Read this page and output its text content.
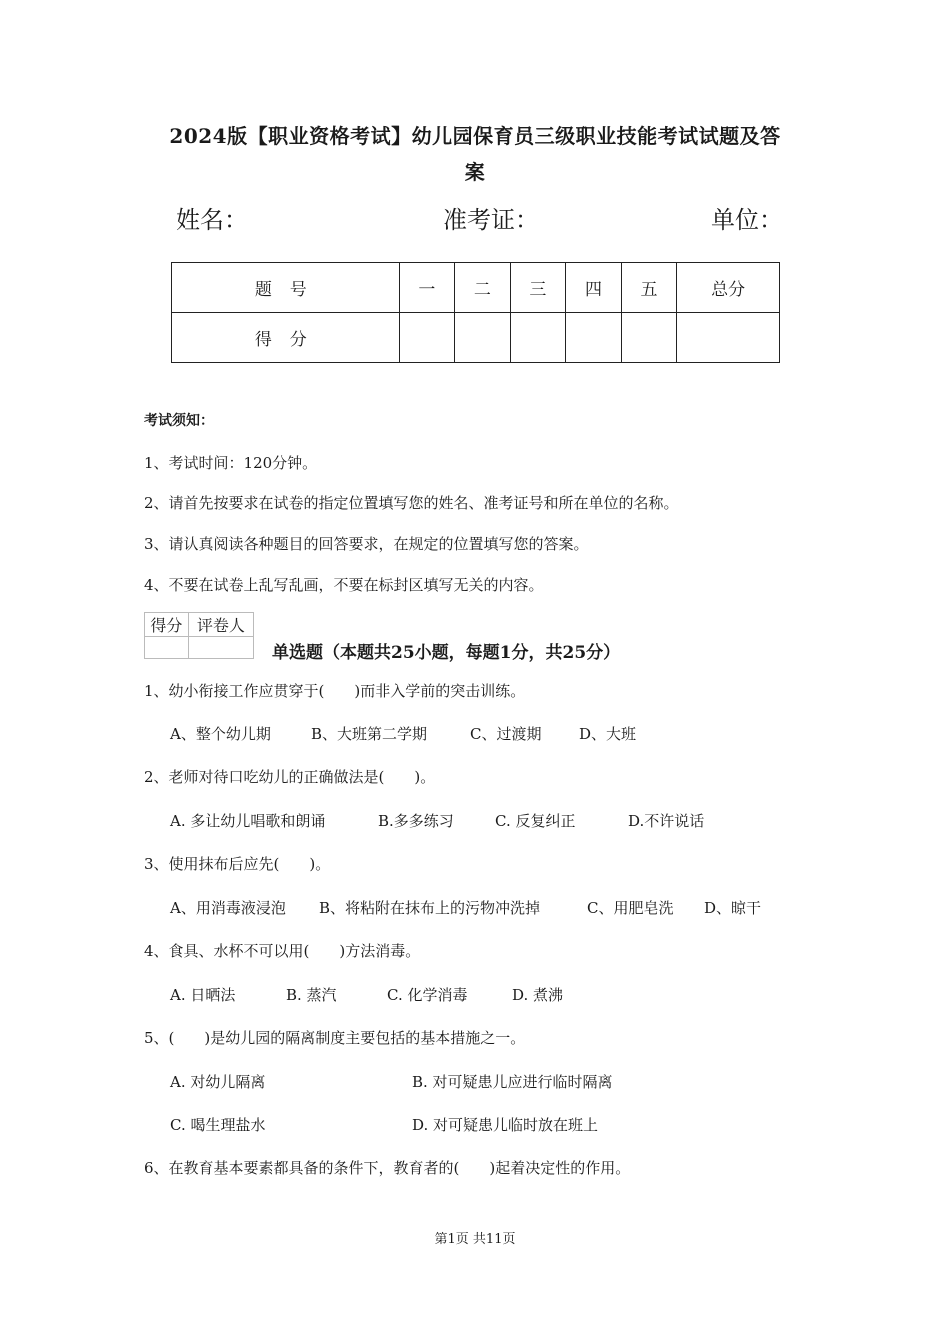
2024版【职业资格考试】幼儿园保育员三级职业技能考试试题及答
案
姓名：	准考证：	单位：
题号	一	二	三	四	五	总分
得分						
考试须知：
1、考试时间：120分钟。
2、请首先按要求在试卷的指定位置填写您的姓名、准考证号和所在单位的名称。
3、请认真阅读各种题目的回答要求，在规定的位置填写您的答案。
4、不要在试卷上乱写乱画，不要在标封区填写无关的内容。
得分	评卷人

单选题（本题共25小题，每题1分，共25分）
1、幼小衔接工作应贯穿于(　　)而非入学前的突击训练。
A、整个幼儿期	B、大班第二学期	C、过渡期	D、大班
2、老师对待口吃幼儿的正确做法是(　　)。
A. 多让幼儿唱歌和朗诵	B.多多练习	C. 反复纠正	D.不许说话
3、使用抹布后应先(　　)。
A、用消毒液浸泡 B、将粘附在抹布上的污物冲洗掉	C、用肥皂洗 D、晾干
4、食具、水杯不可以用(　　)方法消毒。
A. 日晒法	B. 蒸汽	C. 化学消毒	D. 煮沸
5、(　　)是幼儿园的隔离制度主要包括的基本措施之一。
A. 对幼儿隔离	B. 对可疑患儿应进行临时隔离
C. 喝生理盐水	D. 对可疑患儿临时放在班上
6、在教育基本要素都具备的条件下，教育者的(　　)起着决定性的作用。
第1页 共11页
